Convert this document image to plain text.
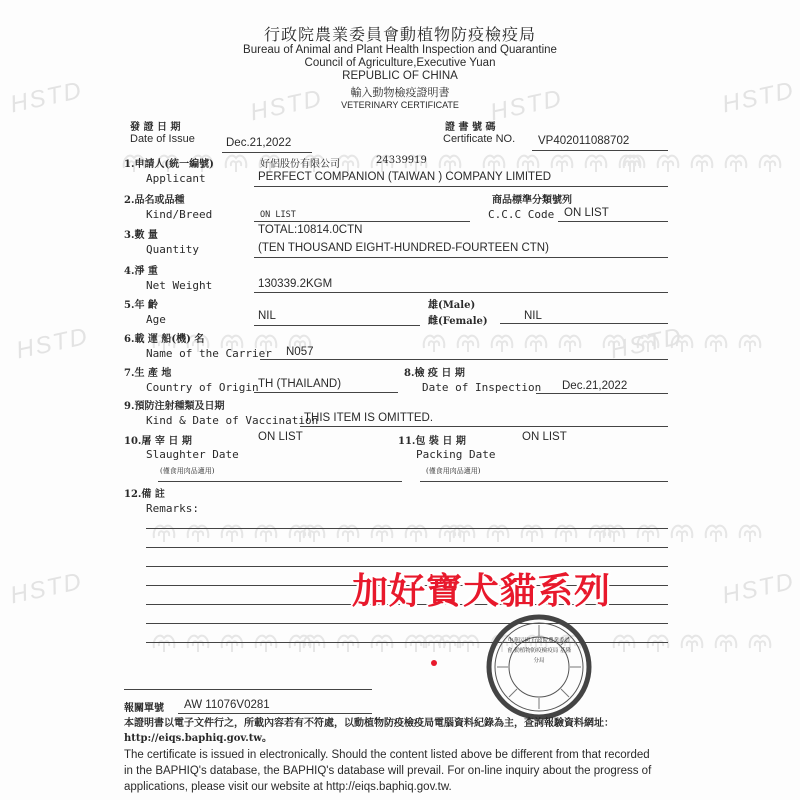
HSTD	HSTD	HSTD	HSTD
HSTD	HSTD
HSTD	HSTD
行政院農業委員會動植物防疫檢疫局
Bureau of Animal and Plant Health Inspection and Quarantine
Council of Agriculture,Executive Yuan
REPUBLIC OF CHINA
輸入動物檢疫證明書
VETERINARY CERTIFICATE
發 證 日 期
Date of Issue	Dec.21,2022
證 書 號 碼
Certificate NO. VP402011088702
1.申請人(統一編號)	好侶股份有限公司	24339919
Applicant	PERFECT COMPANION (TAIWAN ) COMPANY LIMITED
2.品名或品種
Kind/Breed	ON LIST
商品標準分類號列
C.C.C Code ON LIST
3.數 量	TOTAL:10814.0CTN
Quantity	(TEN THOUSAND EIGHT-HUNDRED-FOURTEEN CTN)
4.淨 重
Net Weight	130339.2KGM
5.年 齡
Age	NIL
雄(Male)
雌(Female)	NIL
6.載 運 船(機) 名
Name of the Carrier N057
7.生 產 地
Country of Origin TH (THAILAND)
8.檢 疫 日 期
Date of Inspection Dec.21,2022
9.預防注射種類及日期
Kind & Date of Vaccination
THIS ITEM IS OMITTED.
10.屠 宰 日 期	ON LIST
Slaughter Date
(僅食用肉品適用)
11.包 裝 日 期	ON LIST
Packing Date
(僅食用肉品適用)
12.備 註
Remarks:
加好寶犬貓系列
中華民國 行政院農業委員會 動植物防疫檢疫局 基隆分局
報關單號 AW 11076V0281
本證明書以電子文件行之，所載內容若有不符處，以動植物防疫檢疫局電腦資料紀錄為主，查詢報驗資料網址：http://eiqs.baphiq.gov.tw。
The certificate is issued in electronically. Should the content listed above be different from that recorded
in the BAPHIQ's database, the BAPHIQ's database will prevail. For on-line inquiry about the progress of
applications, please visit our website at http://eiqs.baphiq.gov.tw.
